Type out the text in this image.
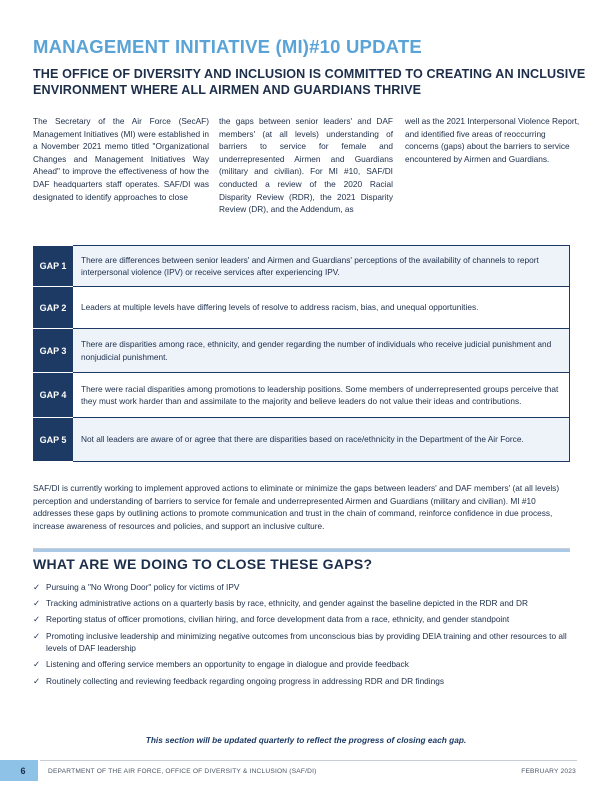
MANAGEMENT INITIATIVE (MI)#10 UPDATE
THE OFFICE OF DIVERSITY AND INCLUSION IS COMMITTED TO CREATING AN INCLUSIVE ENVIRONMENT WHERE ALL AIRMEN AND GUARDIANS THRIVE

The Secretary of the Air Force (SecAF) Management Initiatives (MI) were established in a November 2021 memo titled "Organizational Changes and Management Initiatives Way Ahead" to improve the effectiveness of how the DAF headquarters staff operates. SAF/DI was designated to identify approaches to close

the gaps between senior leaders' and DAF members' (at all levels) understanding of barriers to service for female and underrepresented Airmen and Guardians (military and civilian). For MI #10, SAF/DI conducted a review of the 2020 Racial Disparity Review (RDR), the 2021 Disparity Review (DR), and the Addendum, as

well as the 2021 Interpersonal Violence Report, and identified five areas of reoccurring concerns (gaps) about the barriers to service encountered by Airmen and Guardians.

GAP 1	There are differences between senior leaders' and Airmen and Guardians' perceptions of the availability of channels to report interpersonal violence (IPV) or receive services after experiencing IPV.
GAP 2	Leaders at multiple levels have differing levels of resolve to address racism, bias, and unequal opportunities.
GAP 3	There are disparities among race, ethnicity, and gender regarding the number of individuals who receive judicial punishment and nonjudicial punishment.
GAP 4	There were racial disparities among promotions to leadership positions. Some members of underrepresented groups perceive that they must work harder than and assimilate to the majority and believe leaders do not value their ideas and contributions.
GAP 5	Not all leaders are aware of or agree that there are disparities based on race/ethnicity in the Department of the Air Force.

SAF/DI is currently working to implement approved actions to eliminate or minimize the gaps between leaders' and DAF members' (at all levels) perception and understanding of barriers to service for female and underrepresented Airmen and Guardians (military and civilian). MI #10 addresses these gaps by outlining actions to promote communication and trust in the chain of command, reinforce confidence in due process, increase awareness of resources and policies, and support an inclusive culture.

WHAT ARE WE DOING TO CLOSE THESE GAPS?
✓ Pursuing a "No Wrong Door" policy for victims of IPV
✓ Tracking administrative actions on a quarterly basis by race, ethnicity, and gender against the baseline depicted in the RDR and DR
✓ Reporting status of officer promotions, civilian hiring, and force development data from a race, ethnicity, and gender standpoint
✓ Promoting inclusive leadership and minimizing negative outcomes from unconscious bias by providing DEIA training and other resources to all levels of DAF leadership
✓ Listening and offering service members an opportunity to engage in dialogue and provide feedback
✓ Routinely collecting and reviewing feedback regarding ongoing progress in addressing RDR and DR findings

This section will be updated quarterly to reflect the progress of closing each gap.

6	DEPARTMENT OF THE AIR FORCE, OFFICE OF DIVERSITY & INCLUSION (SAF/DI)	FEBRUARY 2023
